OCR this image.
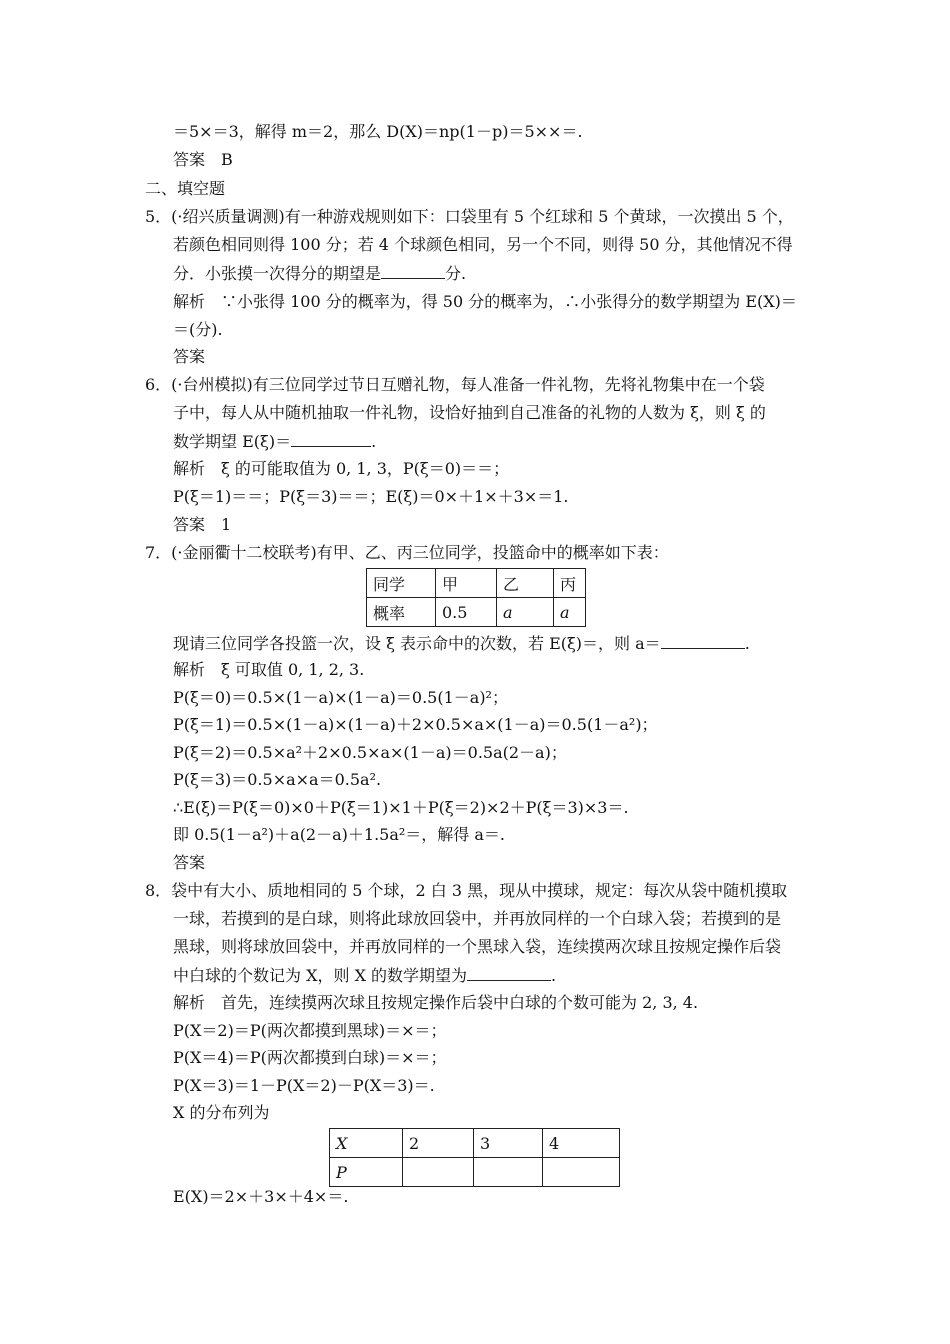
＝5×＝3，解得 m＝2，那么 D(X)＝np(1－p)＝5××＝.
答案　B
二、填空题
5．(·绍兴质量调测)有一种游戏规则如下：口袋里有 5 个红球和 5 个黄球，一次摸出 5 个，
若颜色相同则得 100 分；若 4 个球颜色相同，另一个不同，则得 50 分，其他情况不得
分．小张摸一次得分的期望是	分.
解析　∵小张得 100 分的概率为，得 50 分的概率为，∴小张得分的数学期望为 E(X)＝
＝(分).
答案
6．(·台州模拟)有三位同学过节日互赠礼物，每人准备一件礼物，先将礼物集中在一个袋
子中，每人从中随机抽取一件礼物，设恰好抽到自己准备的礼物的人数为 ξ，则 ξ 的
数学期望 E(ξ)＝	.
解析　ξ 的可能取值为 0, 1, 3，P(ξ＝0)＝＝；
P(ξ＝1)＝＝；P(ξ＝3)＝＝；E(ξ)＝0×＋1×＋3×＝1.
答案　1
7．(·金丽衢十二校联考)有甲、乙、丙三位同学，投篮命中的概率如下表：
同学	甲	乙	丙
概率	0.5	a	a
现请三位同学各投篮一次，设 ξ 表示命中的次数，若 E(ξ)＝，则 a＝	.
解析　ξ 可取值 0, 1, 2, 3.
P(ξ＝0)＝0.5×(1－a)×(1－a)＝0.5(1－a)²；
P(ξ＝1)＝0.5×(1－a)×(1－a)＋2×0.5×a×(1－a)＝0.5(1－a²)；
P(ξ＝2)＝0.5×a²＋2×0.5×a×(1－a)＝0.5a(2－a)；
P(ξ＝3)＝0.5×a×a＝0.5a².
∴E(ξ)＝P(ξ＝0)×0＋P(ξ＝1)×1＋P(ξ＝2)×2＋P(ξ＝3)×3＝.
即 0.5(1－a²)＋a(2－a)＋1.5a²＝，解得 a＝.
答案
8．袋中有大小、质地相同的 5 个球，2 白 3 黑，现从中摸球，规定：每次从袋中随机摸取
一球，若摸到的是白球，则将此球放回袋中，并再放同样的一个白球入袋；若摸到的是
黑球，则将球放回袋中，并再放同样的一个黑球入袋，连续摸两次球且按规定操作后袋
中白球的个数记为 X，则 X 的数学期望为	.
解析　首先，连续摸两次球且按规定操作后袋中白球的个数可能为 2, 3, 4.
P(X＝2)＝P(两次都摸到黑球)＝×＝；
P(X＝4)＝P(两次都摸到白球)＝×＝；
P(X＝3)＝1－P(X＝2)－P(X＝3)＝.
X 的分布列为
X	2	3	4
P			
E(X)＝2×＋3×＋4×＝.
